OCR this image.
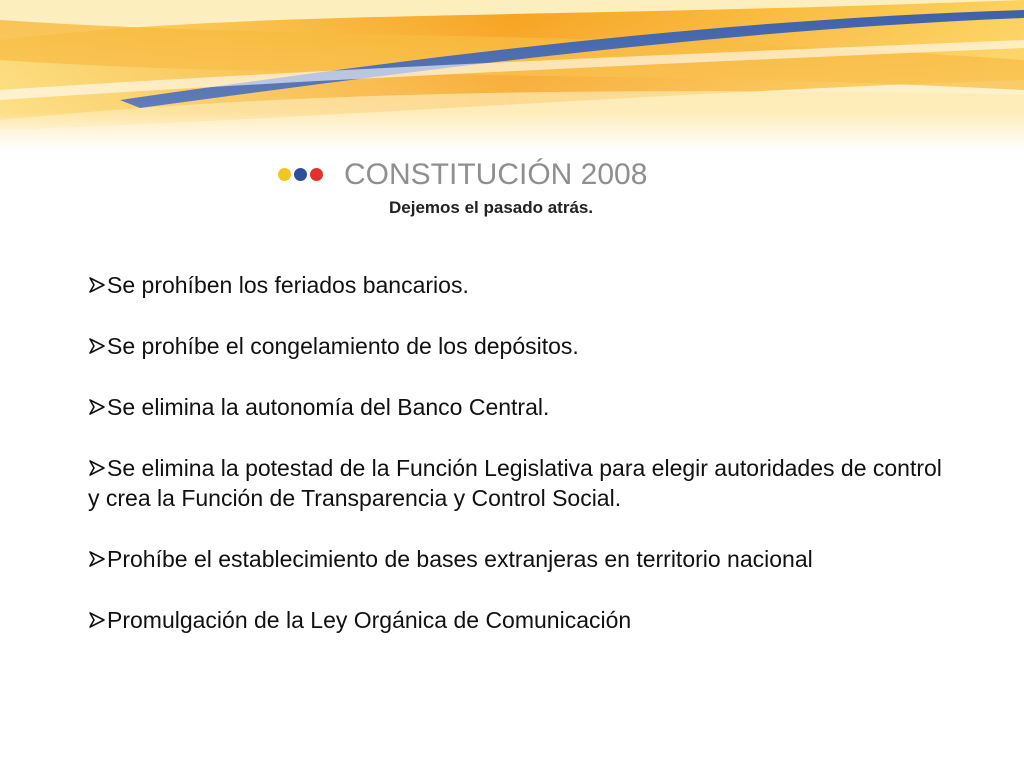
CONSTITUCIÓN 2008
Dejemos el pasado atrás.
Se prohíben los feriados bancarios.
Se prohíbe el congelamiento de los depósitos.
Se elimina la autonomía del Banco Central.
Se elimina la potestad de la Función Legislativa para elegir autoridades de control y crea la Función de Transparencia y Control Social.
Prohíbe el establecimiento de bases extranjeras en territorio nacional
Promulgación de la Ley Orgánica de Comunicación
